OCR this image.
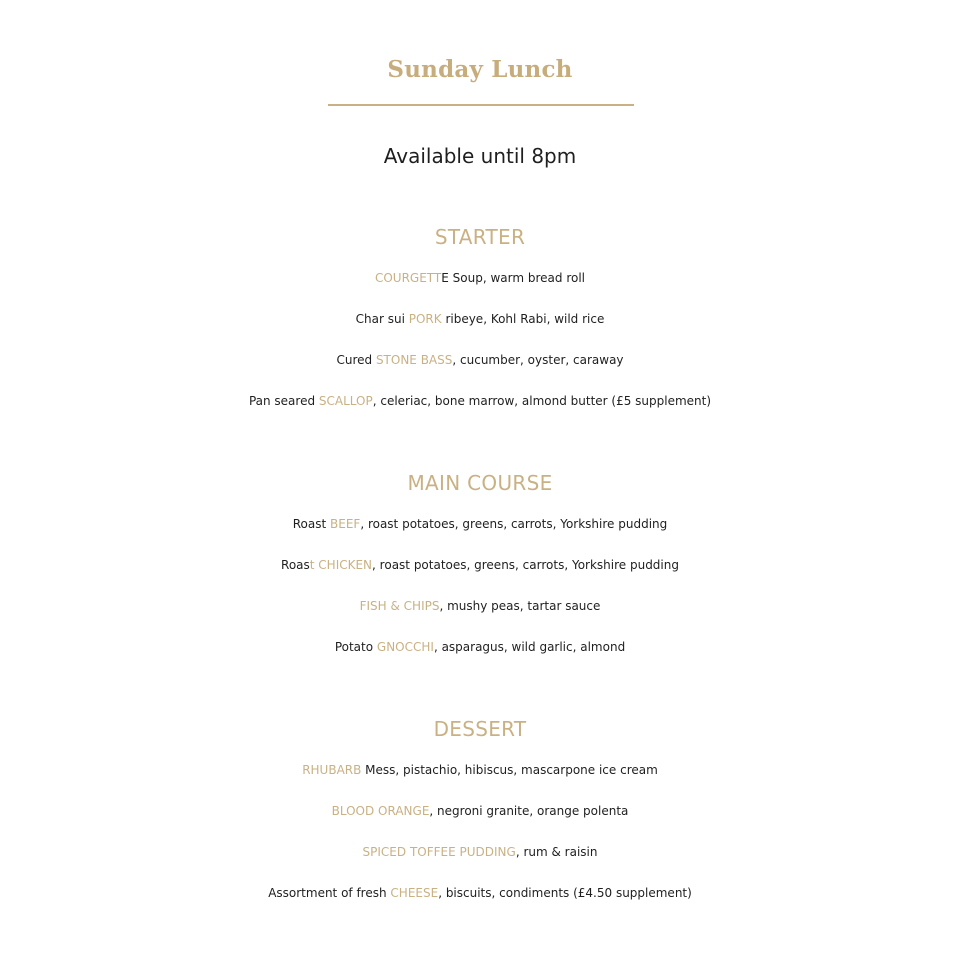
Sunday Lunch
Available until 8pm
STARTER
COURGETTE Soup, warm bread roll
Char sui PORK ribeye, Kohl Rabi, wild rice
Cured STONE BASS, cucumber, oyster, caraway
Pan seared SCALLOP, celeriac, bone marrow, almond butter (£5 supplement)
MAIN COURSE
Roast BEEF, roast potatoes, greens, carrots, Yorkshire pudding
Roast CHICKEN, roast potatoes, greens, carrots, Yorkshire pudding
FISH & CHIPS, mushy peas, tartar sauce
Potato GNOCCHI, asparagus, wild garlic, almond
DESSERT
RHUBARB Mess, pistachio, hibiscus, mascarpone ice cream
BLOOD ORANGE, negroni granite, orange polenta
SPICED TOFFEE PUDDING, rum & raisin
Assortment of fresh CHEESE, biscuits, condiments (£4.50 supplement)
